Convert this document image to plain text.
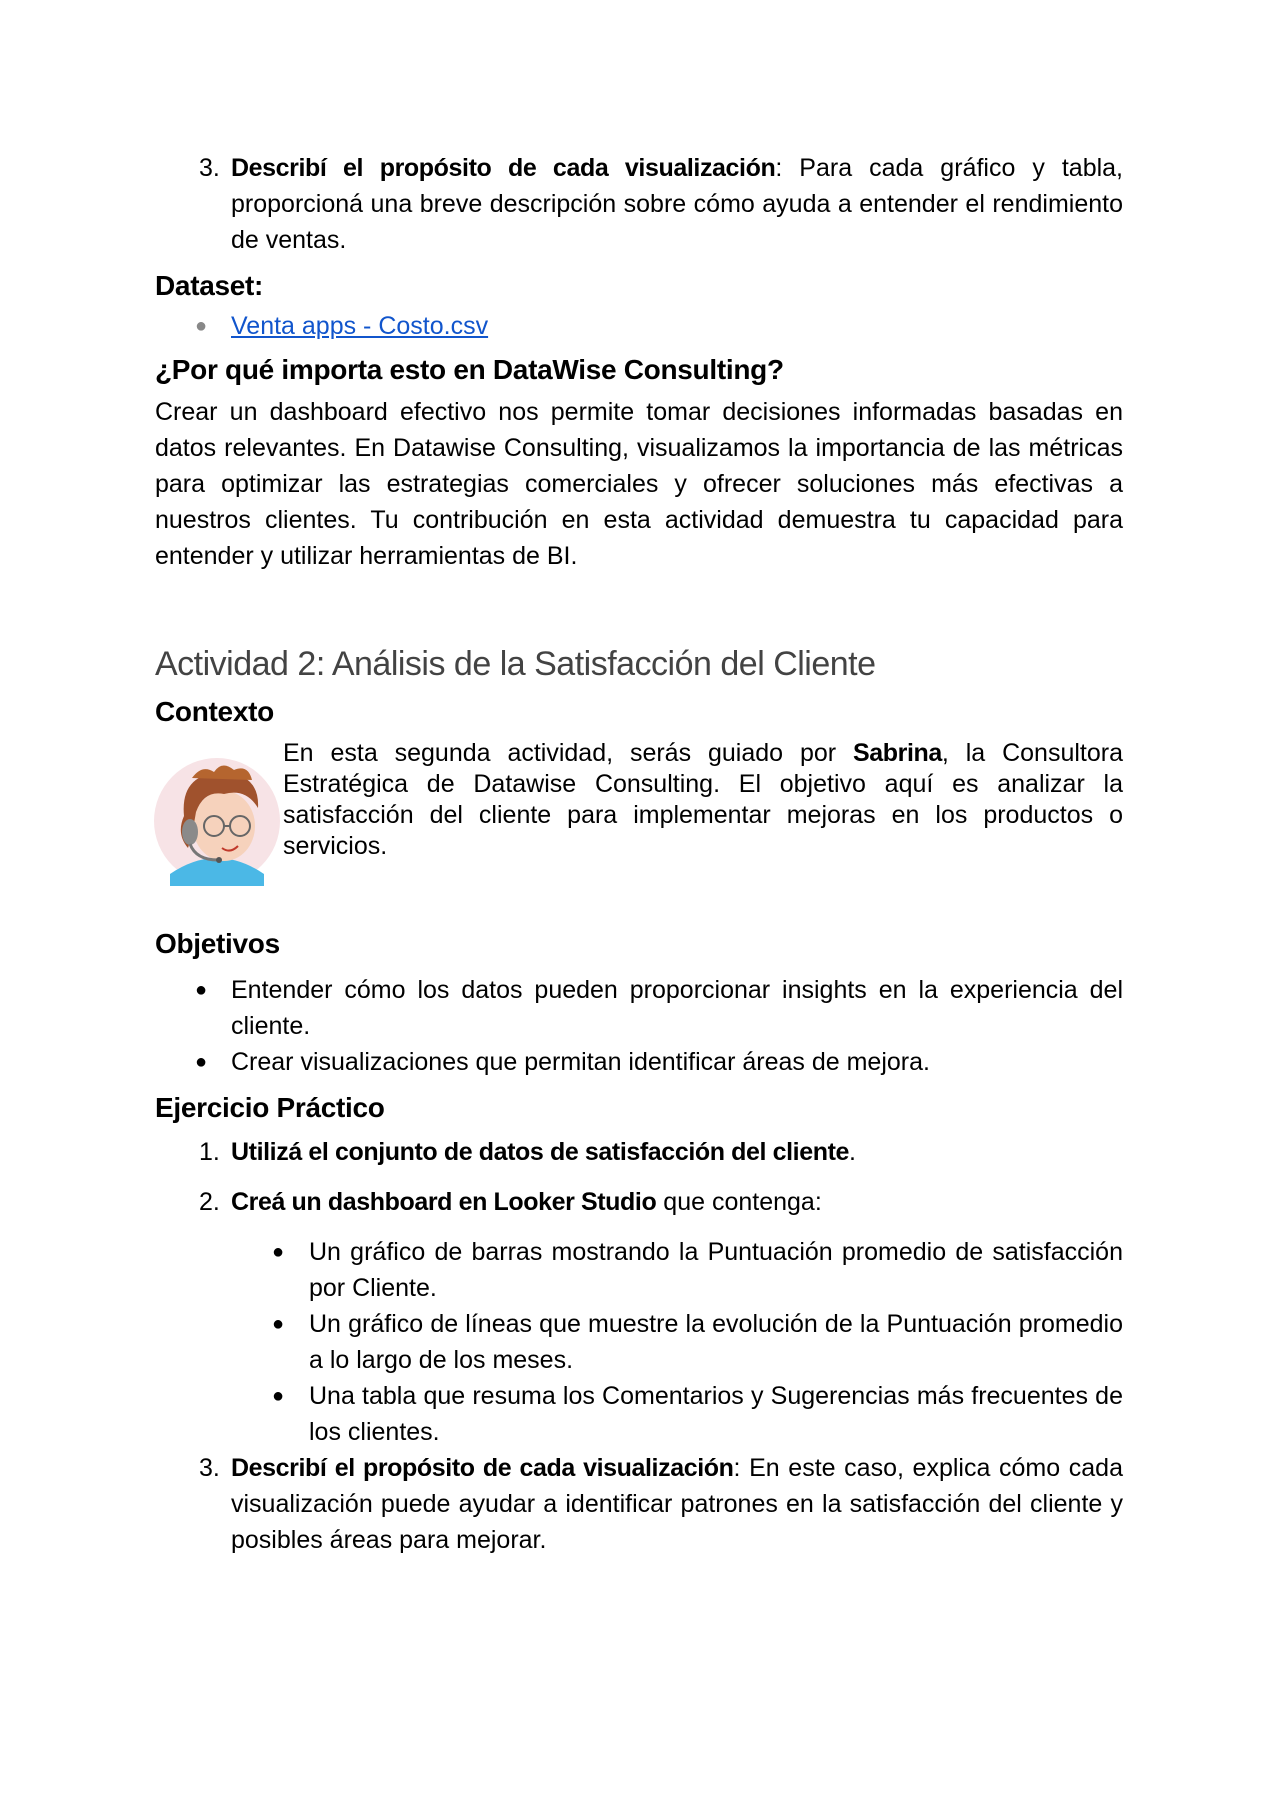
3. Describí el propósito de cada visualización: Para cada gráfico y tabla, proporcioná una breve descripción sobre cómo ayuda a entender el rendimiento de ventas.
Dataset:
● Venta apps - Costo.csv
¿Por qué importa esto en DataWise Consulting?
Crear un dashboard efectivo nos permite tomar decisiones informadas basadas en datos relevantes. En Datawise Consulting, visualizamos la importancia de las métricas para optimizar las estrategias comerciales y ofrecer soluciones más efectivas a nuestros clientes. Tu contribución en esta actividad demuestra tu capacidad para entender y utilizar herramientas de BI.
Actividad 2: Análisis de la Satisfacción del Cliente
Contexto
En esta segunda actividad, serás guiado por Sabrina, la Consultora Estratégica de Datawise Consulting. El objetivo aquí es analizar la satisfacción del cliente para implementar mejoras en los productos o servicios.
Objetivos
● Entender cómo los datos pueden proporcionar insights en la experiencia del cliente.
● Crear visualizaciones que permitan identificar áreas de mejora.
Ejercicio Práctico
1. Utilizá el conjunto de datos de satisfacción del cliente.
2. Creá un dashboard en Looker Studio que contenga:
● Un gráfico de barras mostrando la Puntuación promedio de satisfacción por Cliente.
● Un gráfico de líneas que muestre la evolución de la Puntuación promedio a lo largo de los meses.
● Una tabla que resuma los Comentarios y Sugerencias más frecuentes de los clientes.
3. Describí el propósito de cada visualización: En este caso, explica cómo cada visualización puede ayudar a identificar patrones en la satisfacción del cliente y posibles áreas para mejorar.
